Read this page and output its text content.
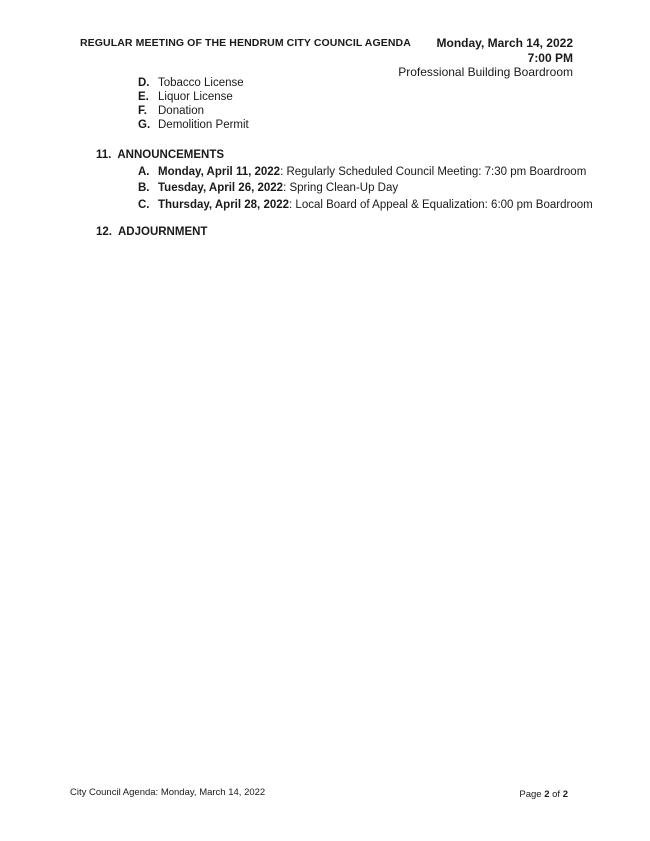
REGULAR MEETING OF THE HENDRUM CITY COUNCIL AGENDA Monday, March 14, 2022
7:00 PM
Professional Building Boardroom
D. Tobacco License
E. Liquor License
F. Donation
G. Demolition Permit
11. ANNOUNCEMENTS
A. Monday, April 11, 2022: Regularly Scheduled Council Meeting: 7:30 pm Boardroom
B. Tuesday, April 26, 2022: Spring Clean-Up Day
C. Thursday, April 28, 2022: Local Board of Appeal & Equalization: 6:00 pm Boardroom
12. ADJOURNMENT
City Council Agenda: Monday, March 14, 2022	Page 2 of 2
